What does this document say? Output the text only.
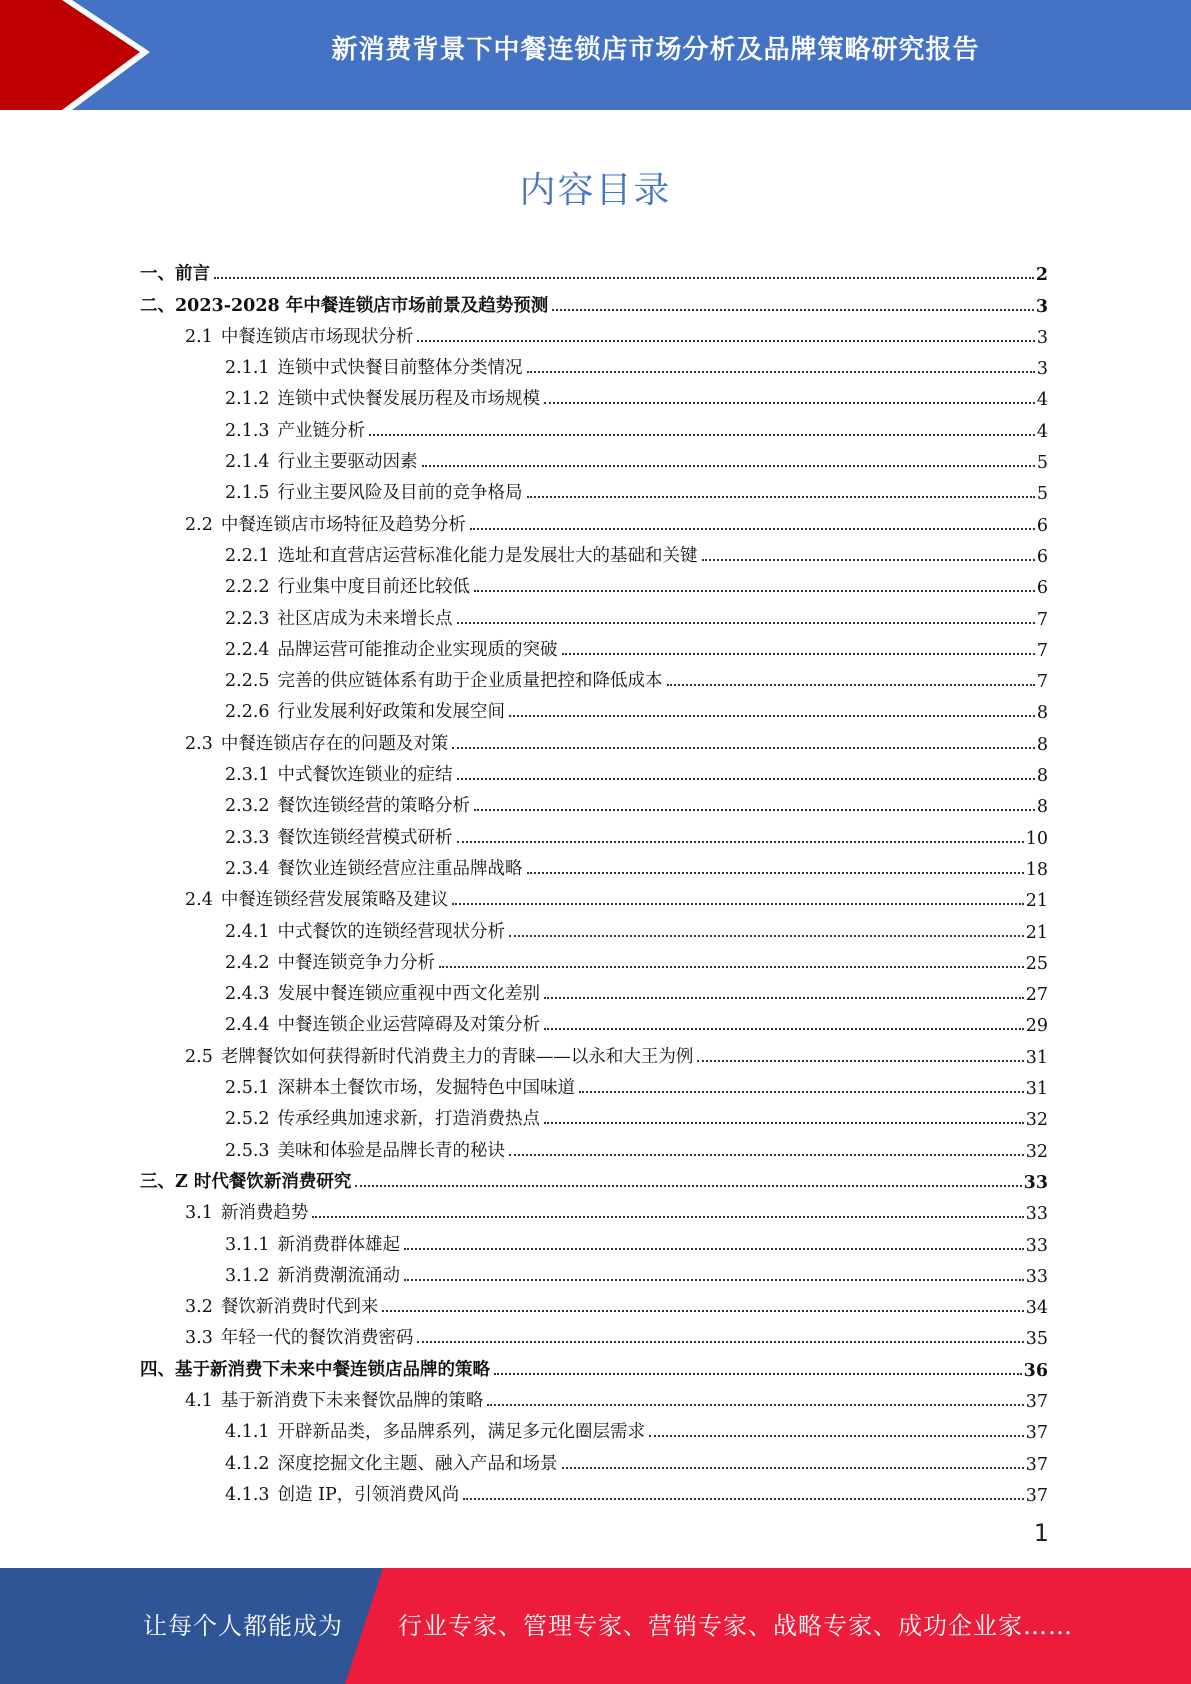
新消费背景下中餐连锁店市场分析及品牌策略研究报告
内容目录
一、前言	2
二、2023-2028 年中餐连锁店市场前景及趋势预测	3
2.1 中餐连锁店市场现状分析	3
2.1.1 连锁中式快餐目前整体分类情况	3
2.1.2 连锁中式快餐发展历程及市场规模	4
2.1.3 产业链分析	4
2.1.4 行业主要驱动因素	5
2.1.5 行业主要风险及目前的竞争格局	5
2.2 中餐连锁店市场特征及趋势分析	6
2.2.1 选址和直营店运营标准化能力是发展壮大的基础和关键	6
2.2.2 行业集中度目前还比较低	6
2.2.3 社区店成为未来增长点	7
2.2.4 品牌运营可能推动企业实现质的突破	7
2.2.5 完善的供应链体系有助于企业质量把控和降低成本	7
2.2.6 行业发展利好政策和发展空间	8
2.3 中餐连锁店存在的问题及对策	8
2.3.1 中式餐饮连锁业的症结	8
2.3.2 餐饮连锁经营的策略分析	8
2.3.3 餐饮连锁经营模式研析	10
2.3.4 餐饮业连锁经营应注重品牌战略	18
2.4 中餐连锁经营发展策略及建议	21
2.4.1 中式餐饮的连锁经营现状分析	21
2.4.2 中餐连锁竞争力分析	25
2.4.3 发展中餐连锁应重视中西文化差别	27
2.4.4 中餐连锁企业运营障碍及对策分析	29
2.5 老牌餐饮如何获得新时代消费主力的青睐——以永和大王为例	31
2.5.1 深耕本土餐饮市场，发掘特色中国味道	31
2.5.2 传承经典加速求新，打造消费热点	32
2.5.3 美味和体验是品牌长青的秘诀	32
三、Z 时代餐饮新消费研究	33
3.1 新消费趋势	33
3.1.1 新消费群体雄起	33
3.1.2 新消费潮流涌动	33
3.2 餐饮新消费时代到来	34
3.3 年轻一代的餐饮消费密码	35
四、基于新消费下未来中餐连锁店品牌的策略	36
4.1 基于新消费下未来餐饮品牌的策略	37
4.1.1 开辟新品类，多品牌系列，满足多元化圈层需求	37
4.1.2 深度挖掘文化主题、融入产品和场景	37
4.1.3 创造 IP，引领消费风尚	37
1
让每个人都能成为 行业专家、管理专家、营销专家、战略专家、成功企业家……
